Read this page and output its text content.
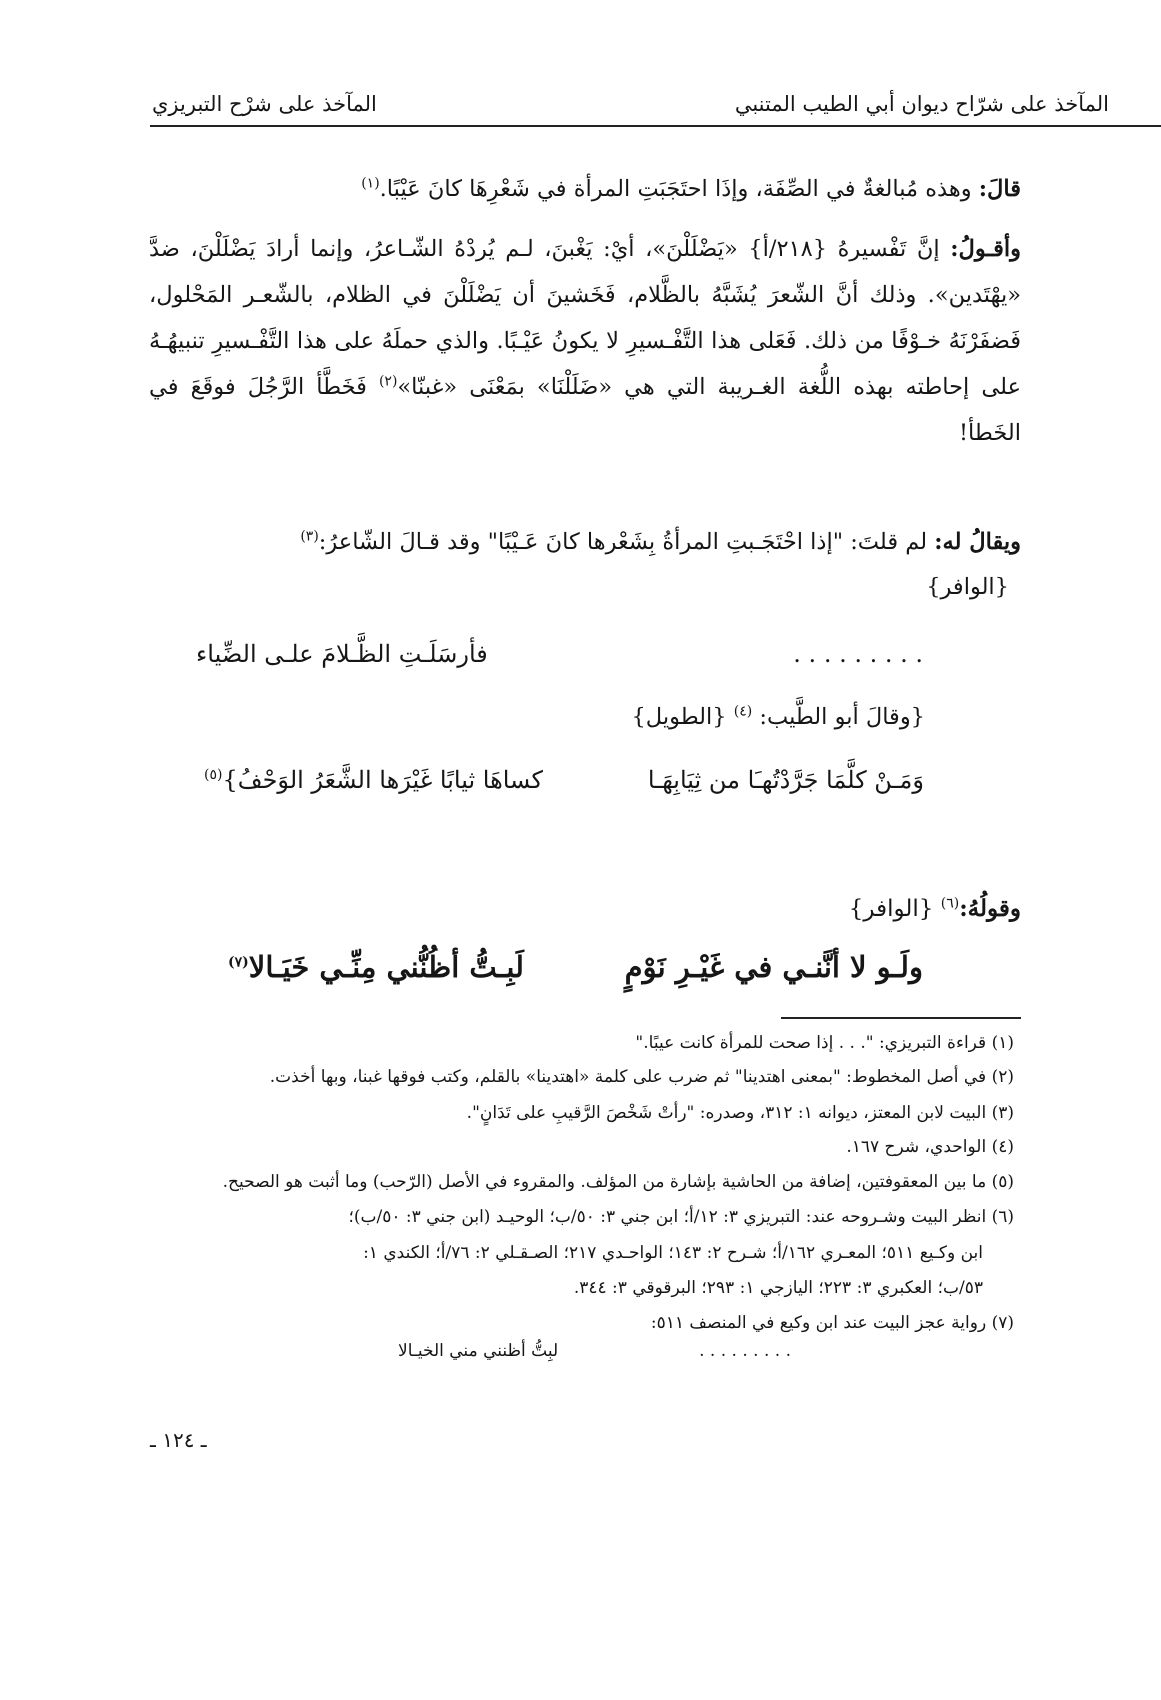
المآخذ على شرّاح ديوان أبي الطيب المتنبي
المآخذ على شرْح التبريزي
قالَ: وهذه مُبالغةٌ في الصِّفَة، وإذَا احتَجَبَتِ المرأة في شَعْرِهَا كانَ عَيْبًا.$^{(١)}$
وأقـولُ: إنَّ تَفْسيرهُ {٢١٨/أ} «يَضْلَلْنَ»، أيْ: يَغْبنَ، لـم يُردْهُ الشّـاعرُ، وإنما أرادَ يَضْلَلْنَ، ضدَّ «يهْتَدين». وذلك أنَّ الشّعرَ يُشَبَّهُ بالظَّلام، فَخَشينَ أن يَضْلَلْنَ في الظلام، بالشّعـر المَحْلول، فَضفَرْنَهُ خـوْفًا من ذلك. فَعَلى هذا التَّفْـسيرِ لا يكونُ عَيْـبًا. والذي حملَهُ على هذا التَّفْـسيرِ تنبيهُـهُ على إحاطته بهذه اللُّغة الغـريبة التي هي «ضَلَلْنَا» بمَعْنَى «غبنّا»$^{(٢)}$ فَخَطَّأ الرَّجُلَ فوقَعَ في الخَطأ!
ويقالُ له: لم قلتَ: "إذا احْتَجَـبتِ المرأةُ بِشَعْرها كانَ عَـيْبًا" وقد قـالَ الشّاعرُ:$^{(٣)}$
{الوافر}
. . . . . . . . .
فأرسَلَـتِ الظَّـلامَ علـى الضِّياء
{وقالَ أبو الطَّيب: $^{(٤)}$ {الطويل}
وَمَـنْ كلَّمَا جَرَّدْتُهـَا من ثِيَابِهَـا
كساهَا ثيابًا غَيْرَها الشَّعَرُ الوَحْفُ}$^{(٥)}$
وقولُهُ:$^{(٦)}$ {الوافر}
ولَـو لا أنَّنـي في غَيْـرِ نَوْمٍ
لَبِـتُّ أظُنُّني مِنِّـي خَيَـالا$^{(٧)}$
(١) قراءة التبريزي: ". . . إذا صحت للمرأة كانت عيبًا."
(٢) في أصل المخطوط: "بمعنى اهتدينا" ثم ضرب على كلمة «اهتدينا» بالقلم، وكتب فوقها غبنا، وبها أخذت.
(٣) البيت لابن المعتز، ديوانه ١: ٣١٢، وصدره: "رأتْ شَخْصَ الرَّقيبِ على تَدَانٍ".
(٤) الواحدي، شرح ١٦٧.
(٥) ما بين المعقوفتين، إضافة من الحاشية بإشارة من المؤلف. والمقروء في الأصل (الرّحب) وما أثبت هو الصحيح.
(٦) انظر البيت وشـروحه عند: التبريزي ٣: ١٢/أ؛ ابن جني ٣: ٥٠/ب؛ الوحيـد (ابن جني ٣: ٥٠/ب)؛
ابن وكـيع ٥١١؛ المعـري ١٦٢/أ؛ شـرح ٢: ١٤٣؛ الواحـدي ٢١٧؛ الصـقـلي ٢: ٧٦/أ؛ الكندي ١:
٥٣/ب؛ العكبري ٣: ٢٢٣؛ اليازجي ١: ٢٩٣؛ البرقوقي ٣: ٣٤٤.
(٧) رواية عجز البيت عند ابن وكيع في المنصف ٥١١:
. . . . . . . . .
لبِتُّ أظنني مني الخيـالا
ـ ١٢٤ ـ
